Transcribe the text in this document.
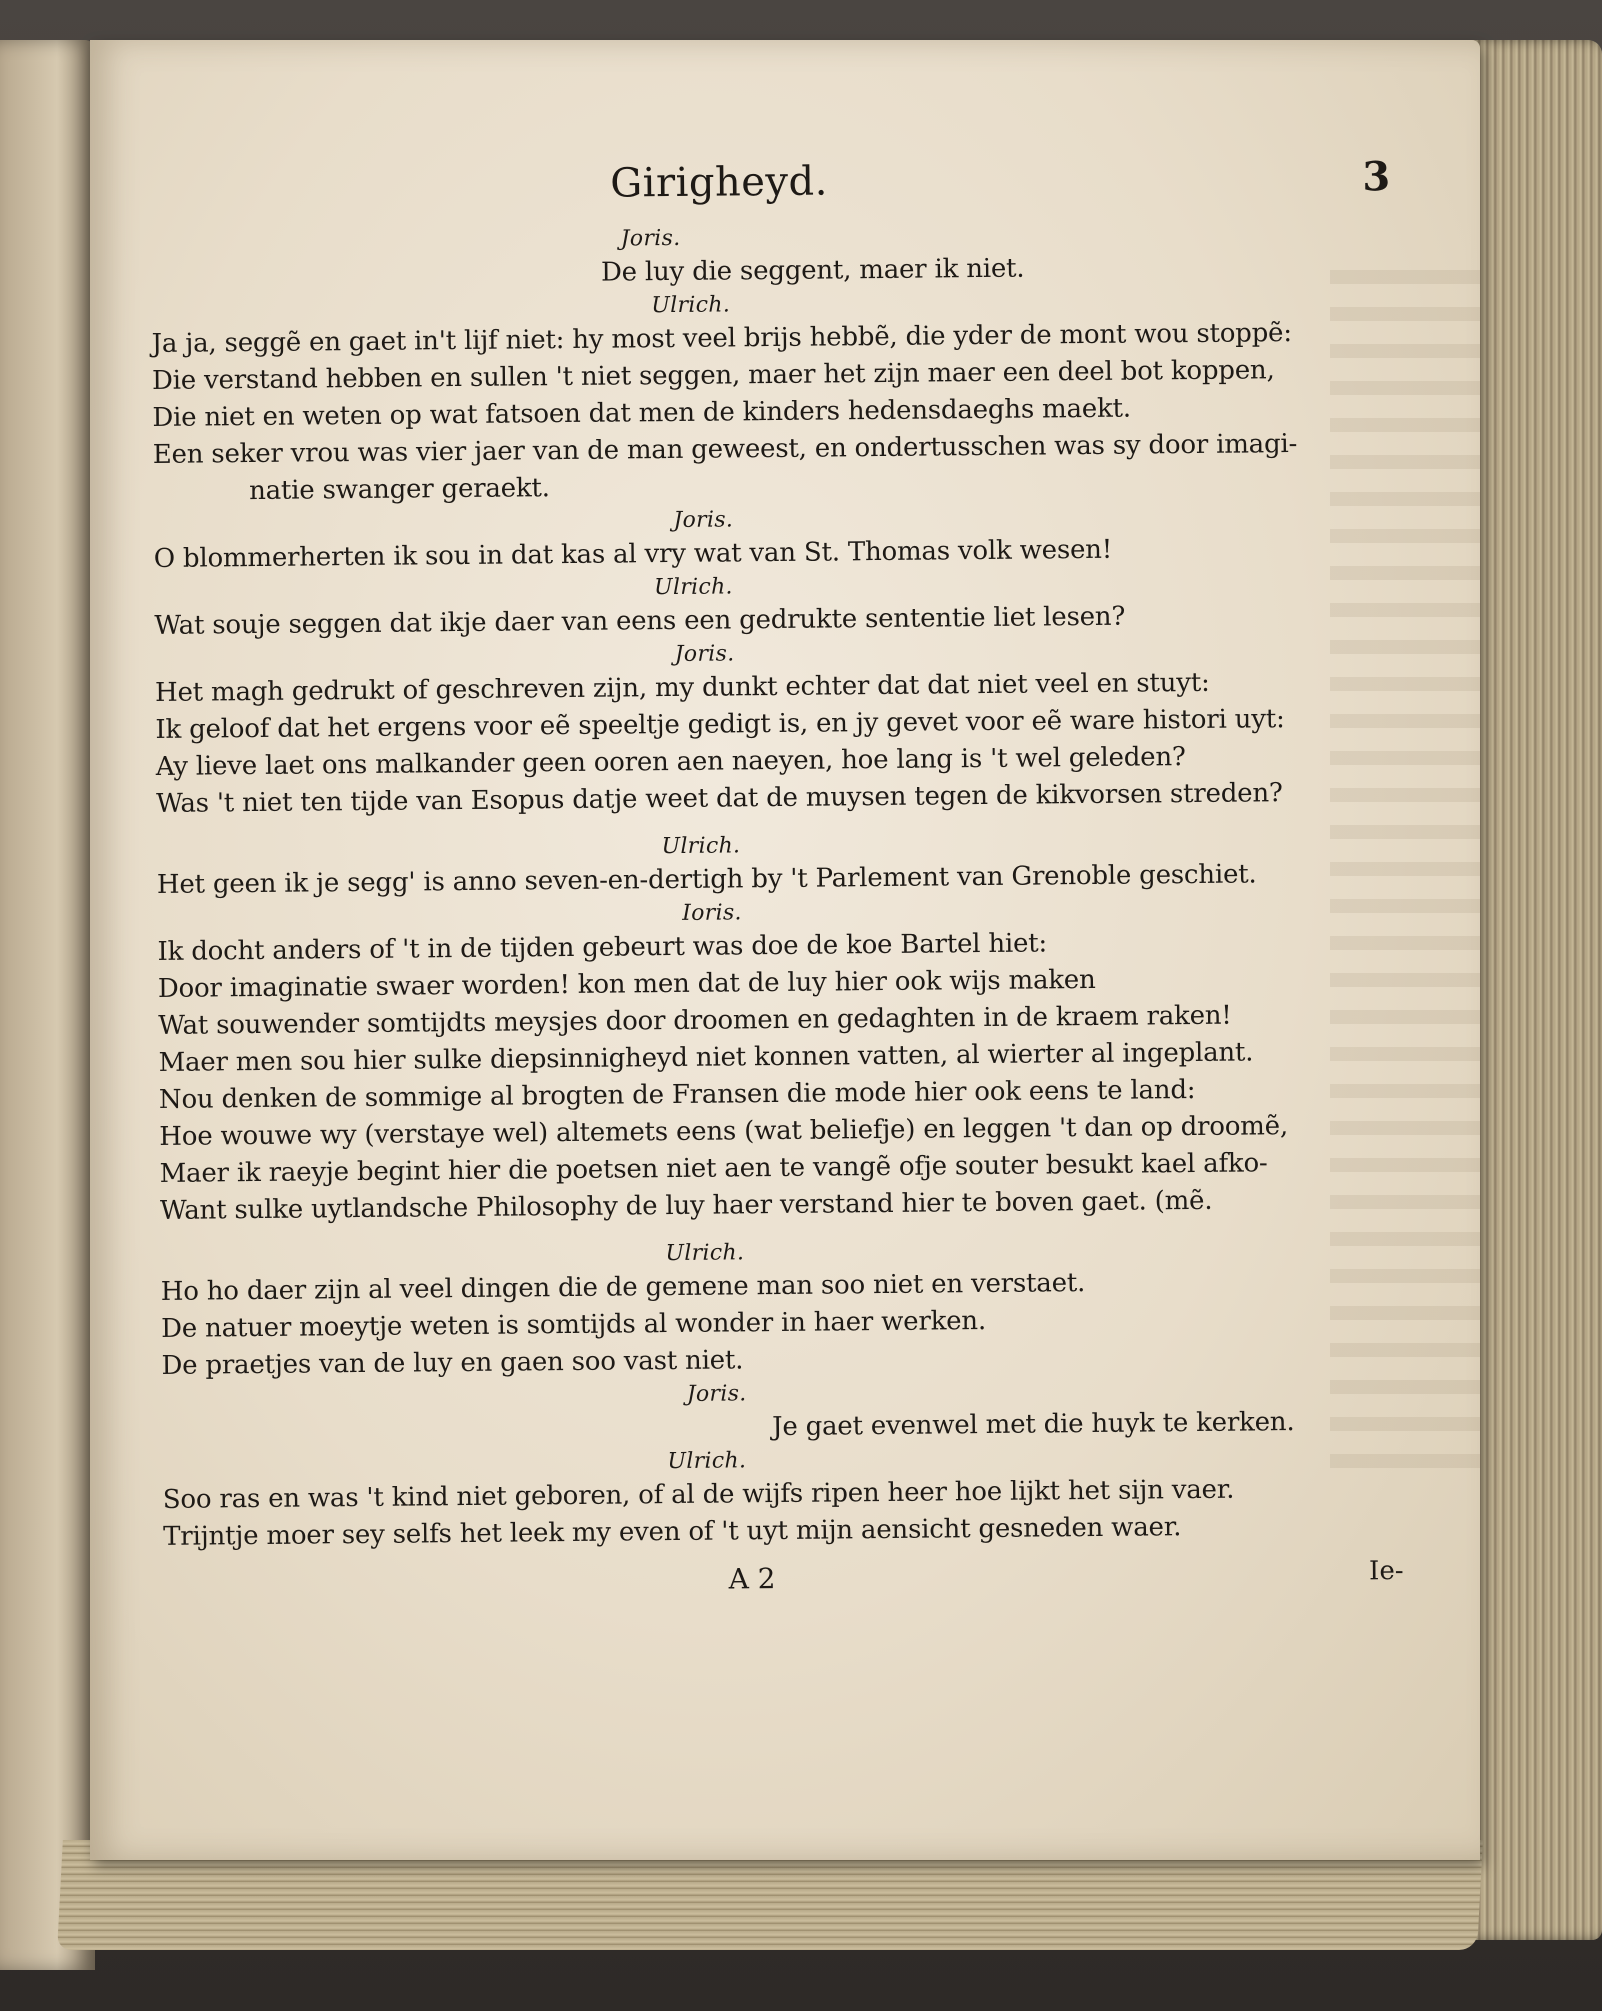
Girigheyd.	3
Joris.
De luy die seggent, maer ik niet.
Ulrich.
Ja ja, seggẽ en gaet in't lijf niet: hy most veel brijs hebbẽ, die yder de mont wou stoppẽ:
Die verstand hebben en sullen 't niet seggen, maer het zijn maer een deel bot koppen,
Die niet en weten op wat fatsoen dat men de kinders hedensdaeghs maekt.
Een seker vrou was vier jaer van de man geweest, en ondertusschen was sy door imagi-
natie swanger geraekt.
Joris.
O blommerherten ik sou in dat kas al vry wat van St. Thomas volk wesen!
Ulrich.
Wat souje seggen dat ikje daer van eens een gedrukte sententie liet lesen?
Joris.
Het magh gedrukt of geschreven zijn, my dunkt echter dat dat niet veel en stuyt:
Ik geloof dat het ergens voor eẽ speeltje gedigt is, en jy gevet voor eẽ ware histori uyt:
Ay lieve laet ons malkander geen ooren aen naeyen, hoe lang is 't wel geleden?
Was 't niet ten tijde van Esopus datje weet dat de muysen tegen de kikvorsen streden?
Ulrich.
Het geen ik je segg' is anno seven-en-dertigh by 't Parlement van Grenoble geschiet.
Ioris.
Ik docht anders of 't in de tijden gebeurt was doe de koe Bartel hiet:
Door imaginatie swaer worden! kon men dat de luy hier ook wijs maken
Wat souwender somtijdts meysjes door droomen en gedaghten in de kraem raken!
Maer men sou hier sulke diepsinnigheyd niet konnen vatten, al wierter al ingeplant.
Nou denken de sommige al brogten de Fransen die mode hier ook eens te land:
Hoe wouwe wy (verstaye wel) altemets eens (wat beliefje) en leggen 't dan op droomẽ,
Maer ik raeyje begint hier die poetsen niet aen te vangẽ ofje souter besukt kael afko-
Want sulke uytlandsche Philosophy de luy haer verstand hier te boven gaet. (mẽ.
Ulrich.
Ho ho daer zijn al veel dingen die de gemene man soo niet en verstaet.
De natuer moeytje weten is somtijds al wonder in haer werken.
De praetjes van de luy en gaen soo vast niet.
Joris.
Je gaet evenwel met die huyk te kerken.
Ulrich.
Soo ras en was 't kind niet geboren, of al de wijfs ripen heer hoe lijkt het sijn vaer.
Trijntje moer sey selfs het leek my even of 't uyt mijn aensicht gesneden waer.
A 2	Ie-
